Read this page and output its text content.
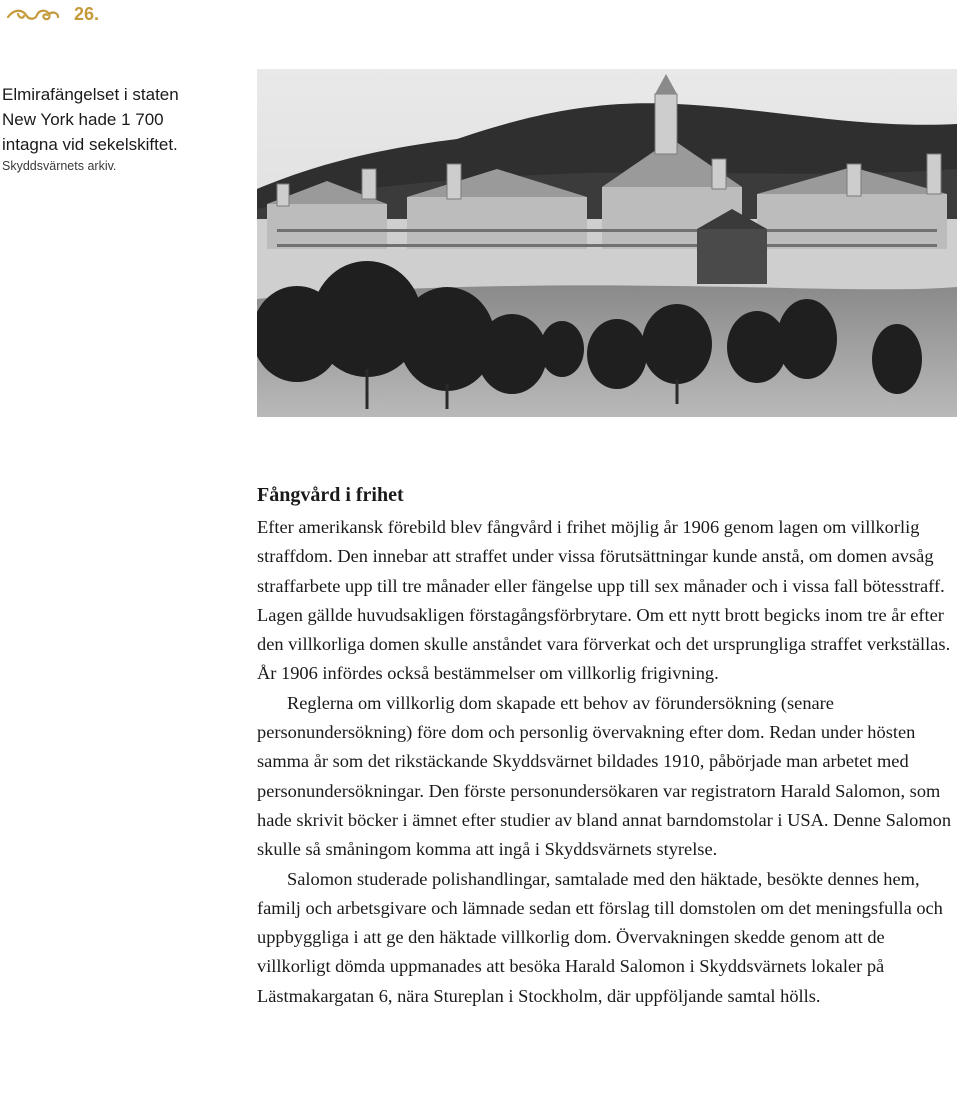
26.
Elmirafängelset i staten
New York hade 1 700
intagna vid sekelskiftet.
Skyddsvärnets arkiv.
Fångvård i frihet

Efter amerikansk förebild blev fångvård i frihet möjlig år 1906 genom lagen om villkorlig straffdom. Den innebar att straffet under vissa förutsättningar kunde anstå, om domen avsåg straffarbete upp till tre månader eller fängelse upp till sex månader och i vissa fall bötesstraff. Lagen gällde huvudsakligen förstagångsförbrytare. Om ett nytt brott begicks inom tre år efter den villkorliga domen skulle anståndet vara förverkat och det ursprungliga straffet verkställas. År 1906 infördes också bestämmelser om villkorlig frigivning.

Reglerna om villkorlig dom skapade ett behov av förundersökning (senare personundersökning) före dom och personlig övervakning efter dom. Redan under hösten samma år som det rikstäckande Skyddsvärnet bildades 1910, påbörjade man arbetet med personundersökningar. Den förste personundersökaren var registratorn Harald Salomon, som hade skrivit böcker i ämnet efter studier av bland annat barndomstolar i USA. Denne Salomon skulle så småningom komma att ingå i Skyddsvärnets styrelse.

Salomon studerade polishandlingar, samtalade med den häktade, besökte dennes hem, familj och arbetsgivare och lämnade sedan ett förslag till domstolen om det meningsfulla och uppbyggliga i att ge den häktade villkorlig dom. Övervakningen skedde genom att de villkorligt dömda uppmanades att besöka Harald Salomon i Skyddsvärnets lokaler på Lästmakargatan 6, nära Stureplan i Stockholm, där uppföljande samtal hölls.
